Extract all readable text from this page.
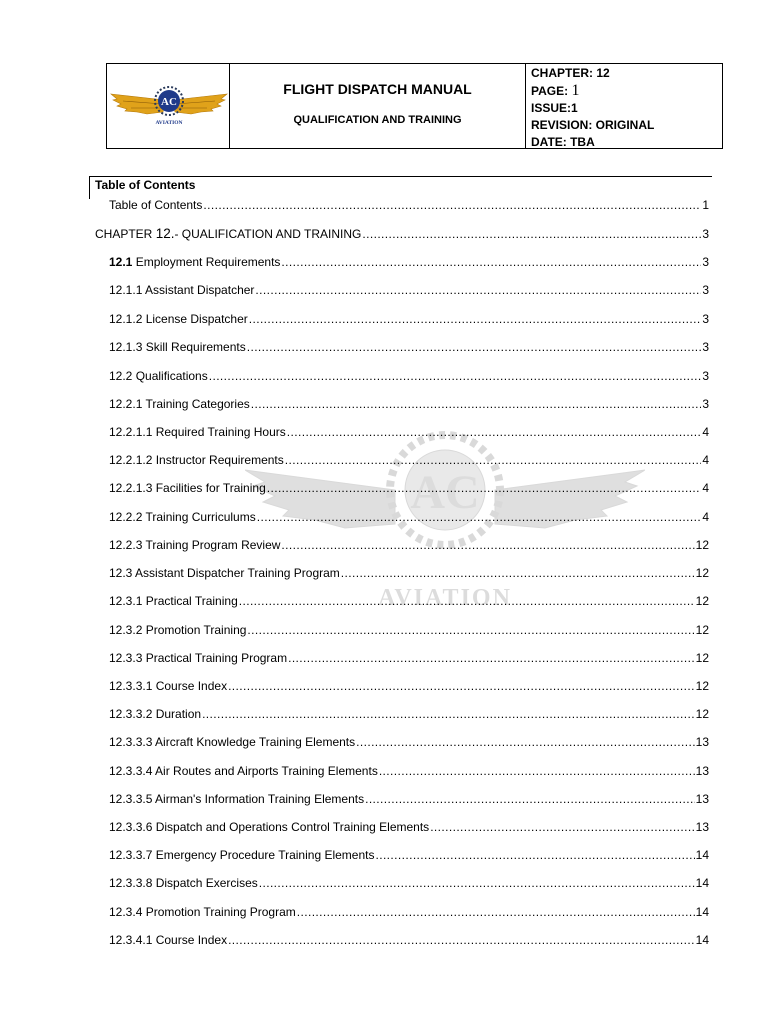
AC
AVIATION
FLIGHT DISPATCH MANUAL
QUALIFICATION AND TRAINING
CHAPTER: 12
PAGE: 1
ISSUE:1
REVISION: ORIGINAL
DATE: TBA
AC
AVIATION
Table of Contents
Table of Contents .....	1
CHAPTER 12.- QUALIFICATION AND TRAINING .....	3
12.1 Employment Requirements .....	3
12.1.1 Assistant Dispatcher .....	3
12.1.2 License Dispatcher .....	3
12.1.3 Skill Requirements .....	3
12.2 Qualifications .....	3
12.2.1 Training Categories .....	3
12.2.1.1 Required Training Hours .....	4
12.2.1.2 Instructor Requirements .....	4
12.2.1.3 Facilities for Training .....	4
12.2.2 Training Curriculums .....	4
12.2.3 Training Program Review .....	12
12.3 Assistant Dispatcher Training Program .....	12
12.3.1 Practical Training .....	12
12.3.2 Promotion Training .....	12
12.3.3 Practical Training Program .....	12
12.3.3.1 Course Index .....	12
12.3.3.2 Duration .....	12
12.3.3.3 Aircraft Knowledge Training Elements .....	13
12.3.3.4 Air Routes and Airports Training Elements .....	13
12.3.3.5 Airman's Information Training Elements .....	13
12.3.3.6 Dispatch and Operations Control Training Elements .....	13
12.3.3.7 Emergency Procedure Training Elements .....	14
12.3.3.8 Dispatch Exercises .....	14
12.3.4 Promotion Training Program .....	14
12.3.4.1 Course Index .....	14
